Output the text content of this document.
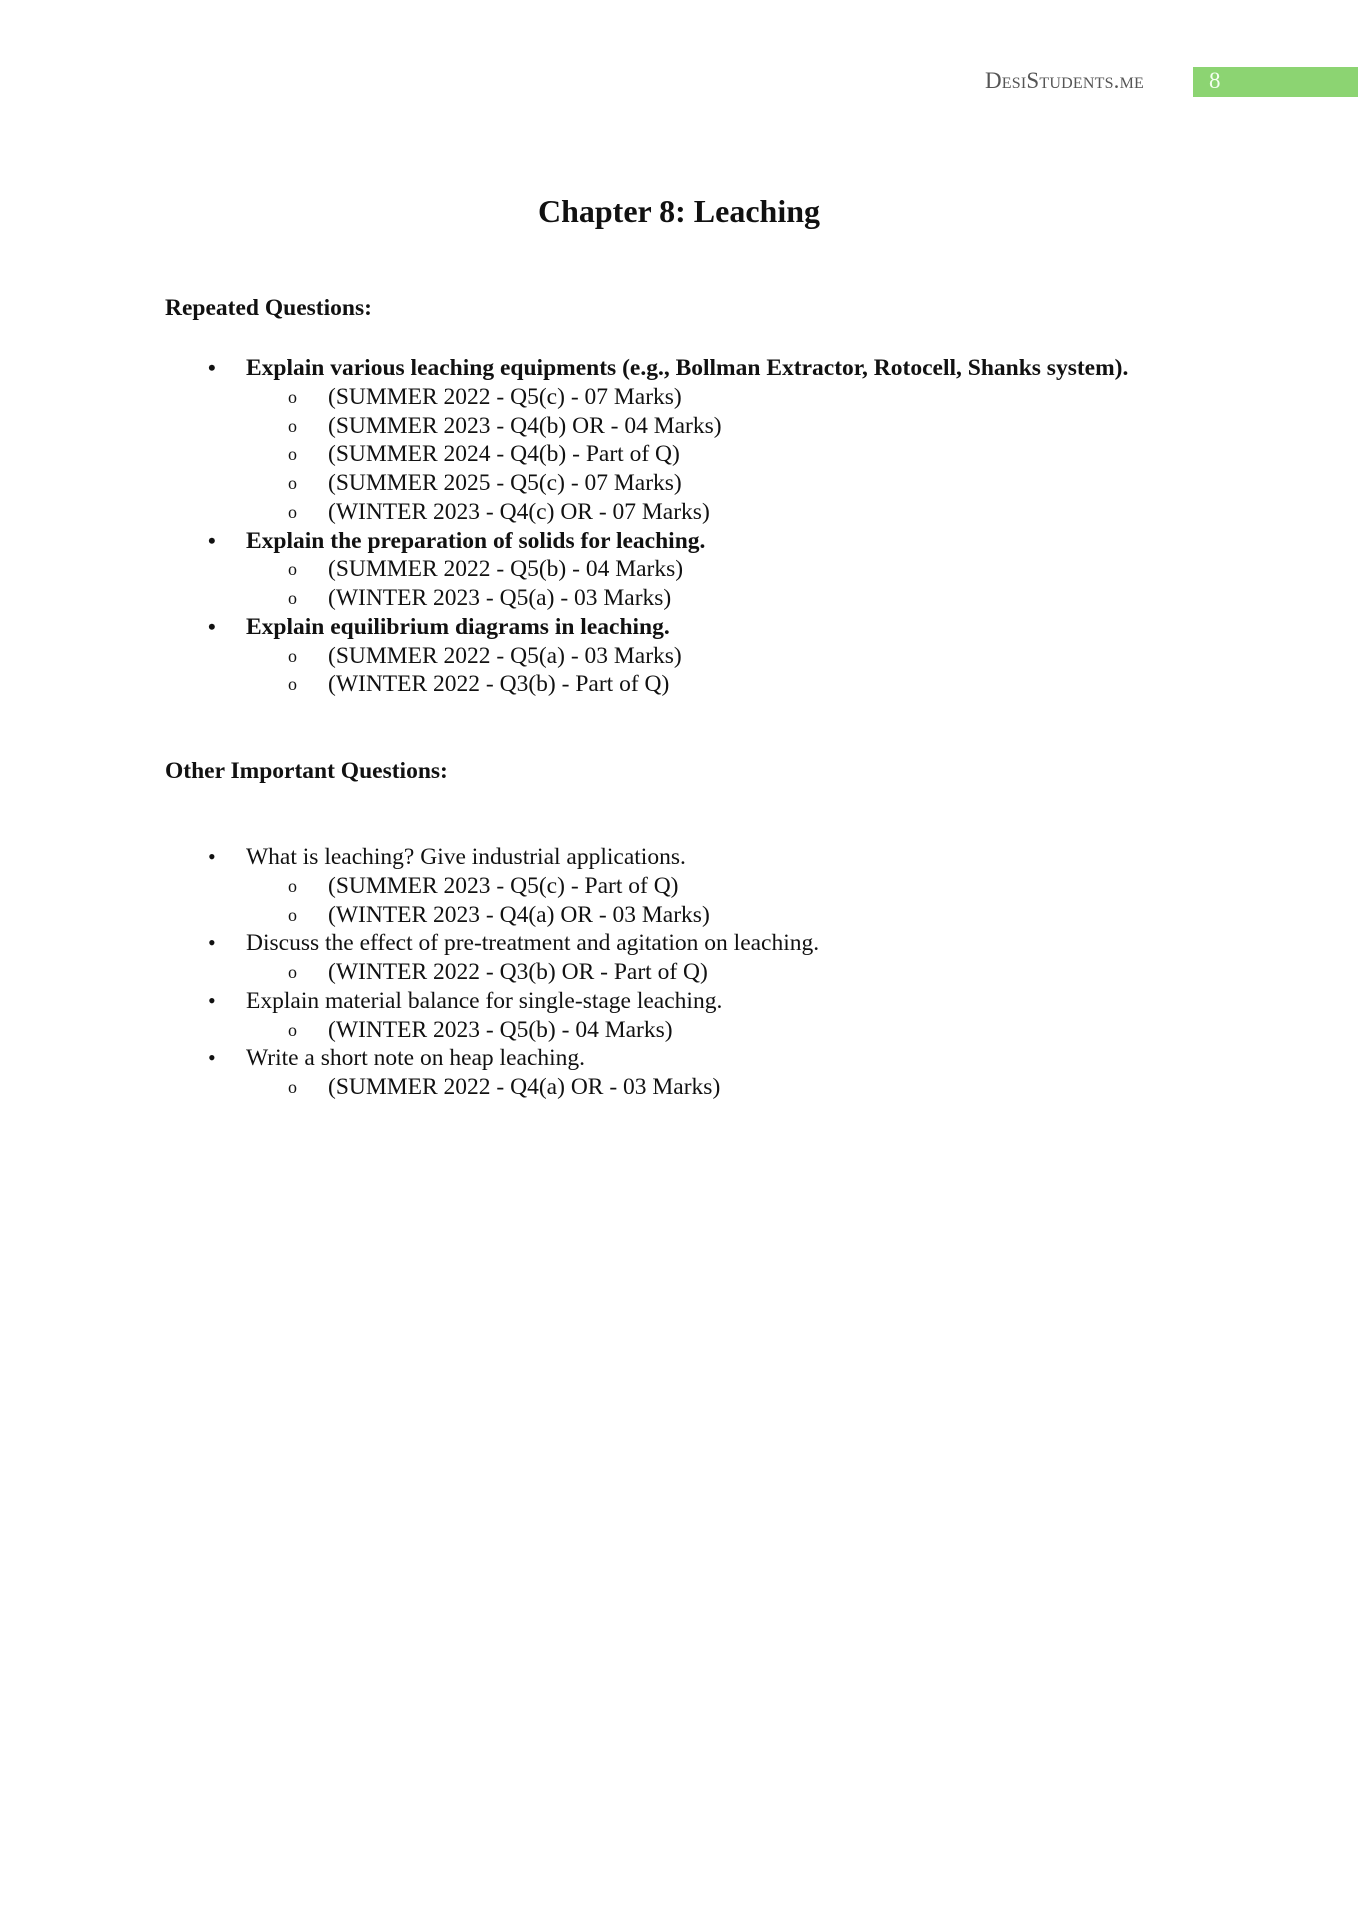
DesiStudents.me	8
Chapter 8: Leaching
Repeated Questions:
Other Important Questions:
• Explain various leaching equipments (e.g., Bollman Extractor, Rotocell, Shanks system).
o (SUMMER 2022 - Q5(c) - 07 Marks)
o (SUMMER 2023 - Q4(b) OR - 04 Marks)
o (SUMMER 2024 - Q4(b) - Part of Q)
o (SUMMER 2025 - Q5(c) - 07 Marks)
o (WINTER 2023 - Q4(c) OR - 07 Marks)
• Explain the preparation of solids for leaching.
o (SUMMER 2022 - Q5(b) - 04 Marks)
o (WINTER 2023 - Q5(a) - 03 Marks)
• Explain equilibrium diagrams in leaching.
o (SUMMER 2022 - Q5(a) - 03 Marks)
o (WINTER 2022 - Q3(b) - Part of Q)
• What is leaching? Give industrial applications.
o (SUMMER 2023 - Q5(c) - Part of Q)
o (WINTER 2023 - Q4(a) OR - 03 Marks)
• Discuss the effect of pre-treatment and agitation on leaching.
o (WINTER 2022 - Q3(b) OR - Part of Q)
• Explain material balance for single-stage leaching.
o (WINTER 2023 - Q5(b) - 04 Marks)
• Write a short note on heap leaching.
o (SUMMER 2022 - Q4(a) OR - 03 Marks)
